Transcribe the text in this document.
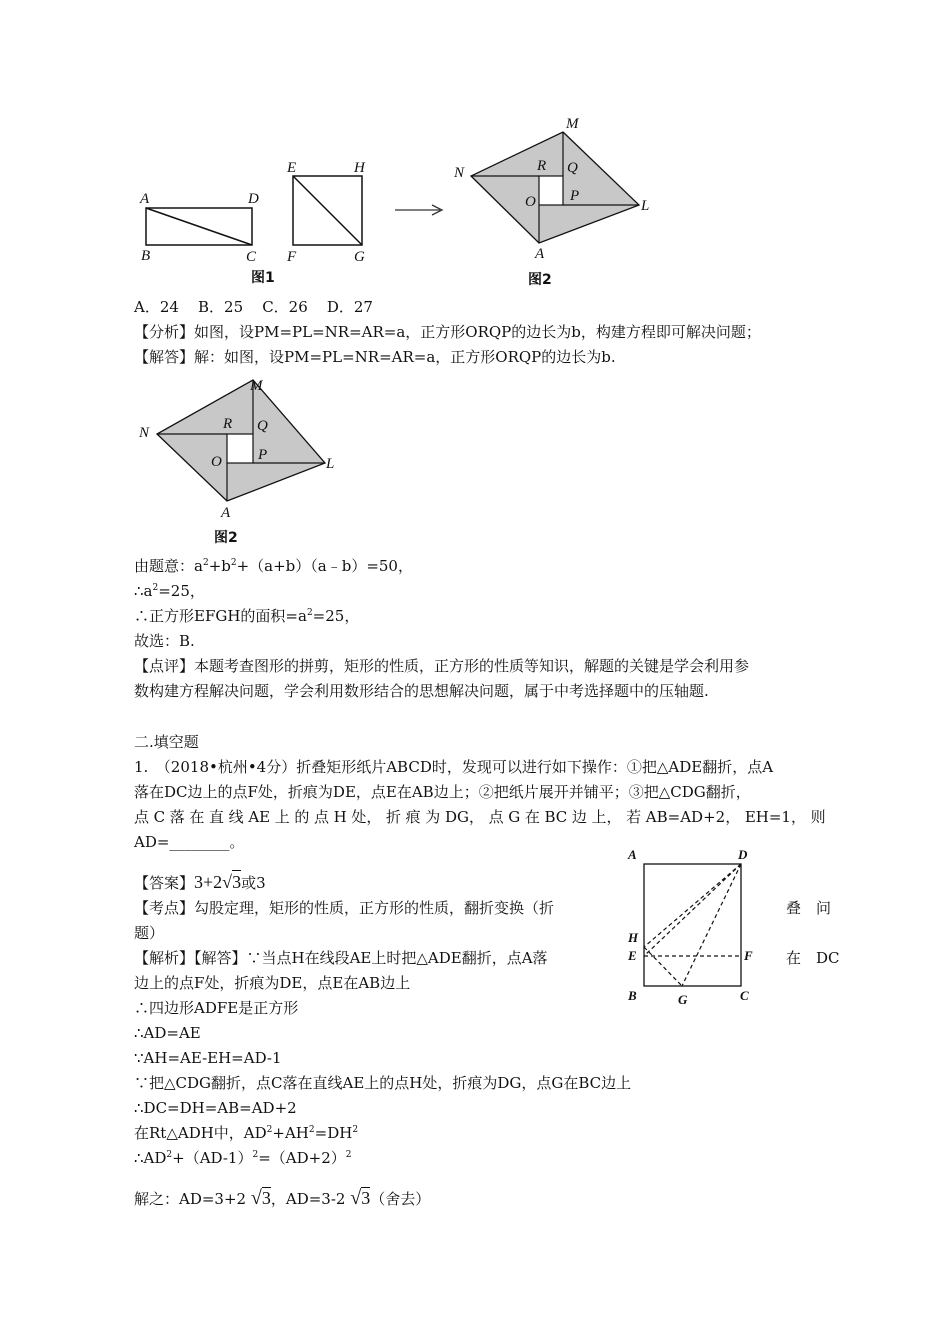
A	D
B	C
E	H
F	G
图1
M
N	R Q
O P
L
A
图2
A．24 B．25 C．26 D．27
【分析】如图，设PM=PL=NR=AR=a，正方形ORQP的边长为b，构建方程即可解决问题；
【解答】解：如图，设PM=PL=NR=AR=a，正方形ORQP的边长为b.
M
N
R Q
O P
L
A
图2
由题意：$a^2+b^2+(a+b)(a﹣b)=50$，
$\therefore a^2=25$，
∴正方形EFGH的面积$=a^2=25$，
故选：B.
【点评】本题考查图形的拼剪，矩形的性质，正方形的性质等知识，解题的关键是学会利用参
数构建方程解决问题，学会利用数形结合的思想解决问题，属于中考选择题中的压轴题.
二.填空题
1.　（2018•杭州•4分）折叠矩形纸片ABCD时，发现可以进行如下操作：①把△ADE翻折，点A
落在DC边上的点F处，折痕为DE，点E在AB边上；②把纸片展开并铺平；③把△CDG翻折，
点 C 落 在 直 线 AE 上 的 点 H 处， 折 痕 为 DG， 点 G 在 BC 边 上， 若 AB=AD+2， EH=1， 则
AD=________。
【答案】3+2√3或3
【考点】勾股定理，矩形的性质，正方形的性质，翻折变换（折	叠　问
题）
【解析】【解答】∵当点H在线段AE上时把△ADE翻折，点A落	在　DC
边上的点F处，折痕为DE，点E在AB边上
A	D
H
E	F
B	G	C
∴四边形ADFE是正方形
∴AD=AE
∵AH=AE-EH=AD-1
∵把△CDG翻折，点C落在直线AE上的点H处，折痕为DG，点G在BC边上
∴DC=DH=AB=AD+2
在Rt△ADH中，$AD^2+AH^2=DH^2$
$\therefore AD^2+(AD-1)^2=(AD+2)^2$
解之：AD=3+2 √3，AD=3-2 √3（舍去）
